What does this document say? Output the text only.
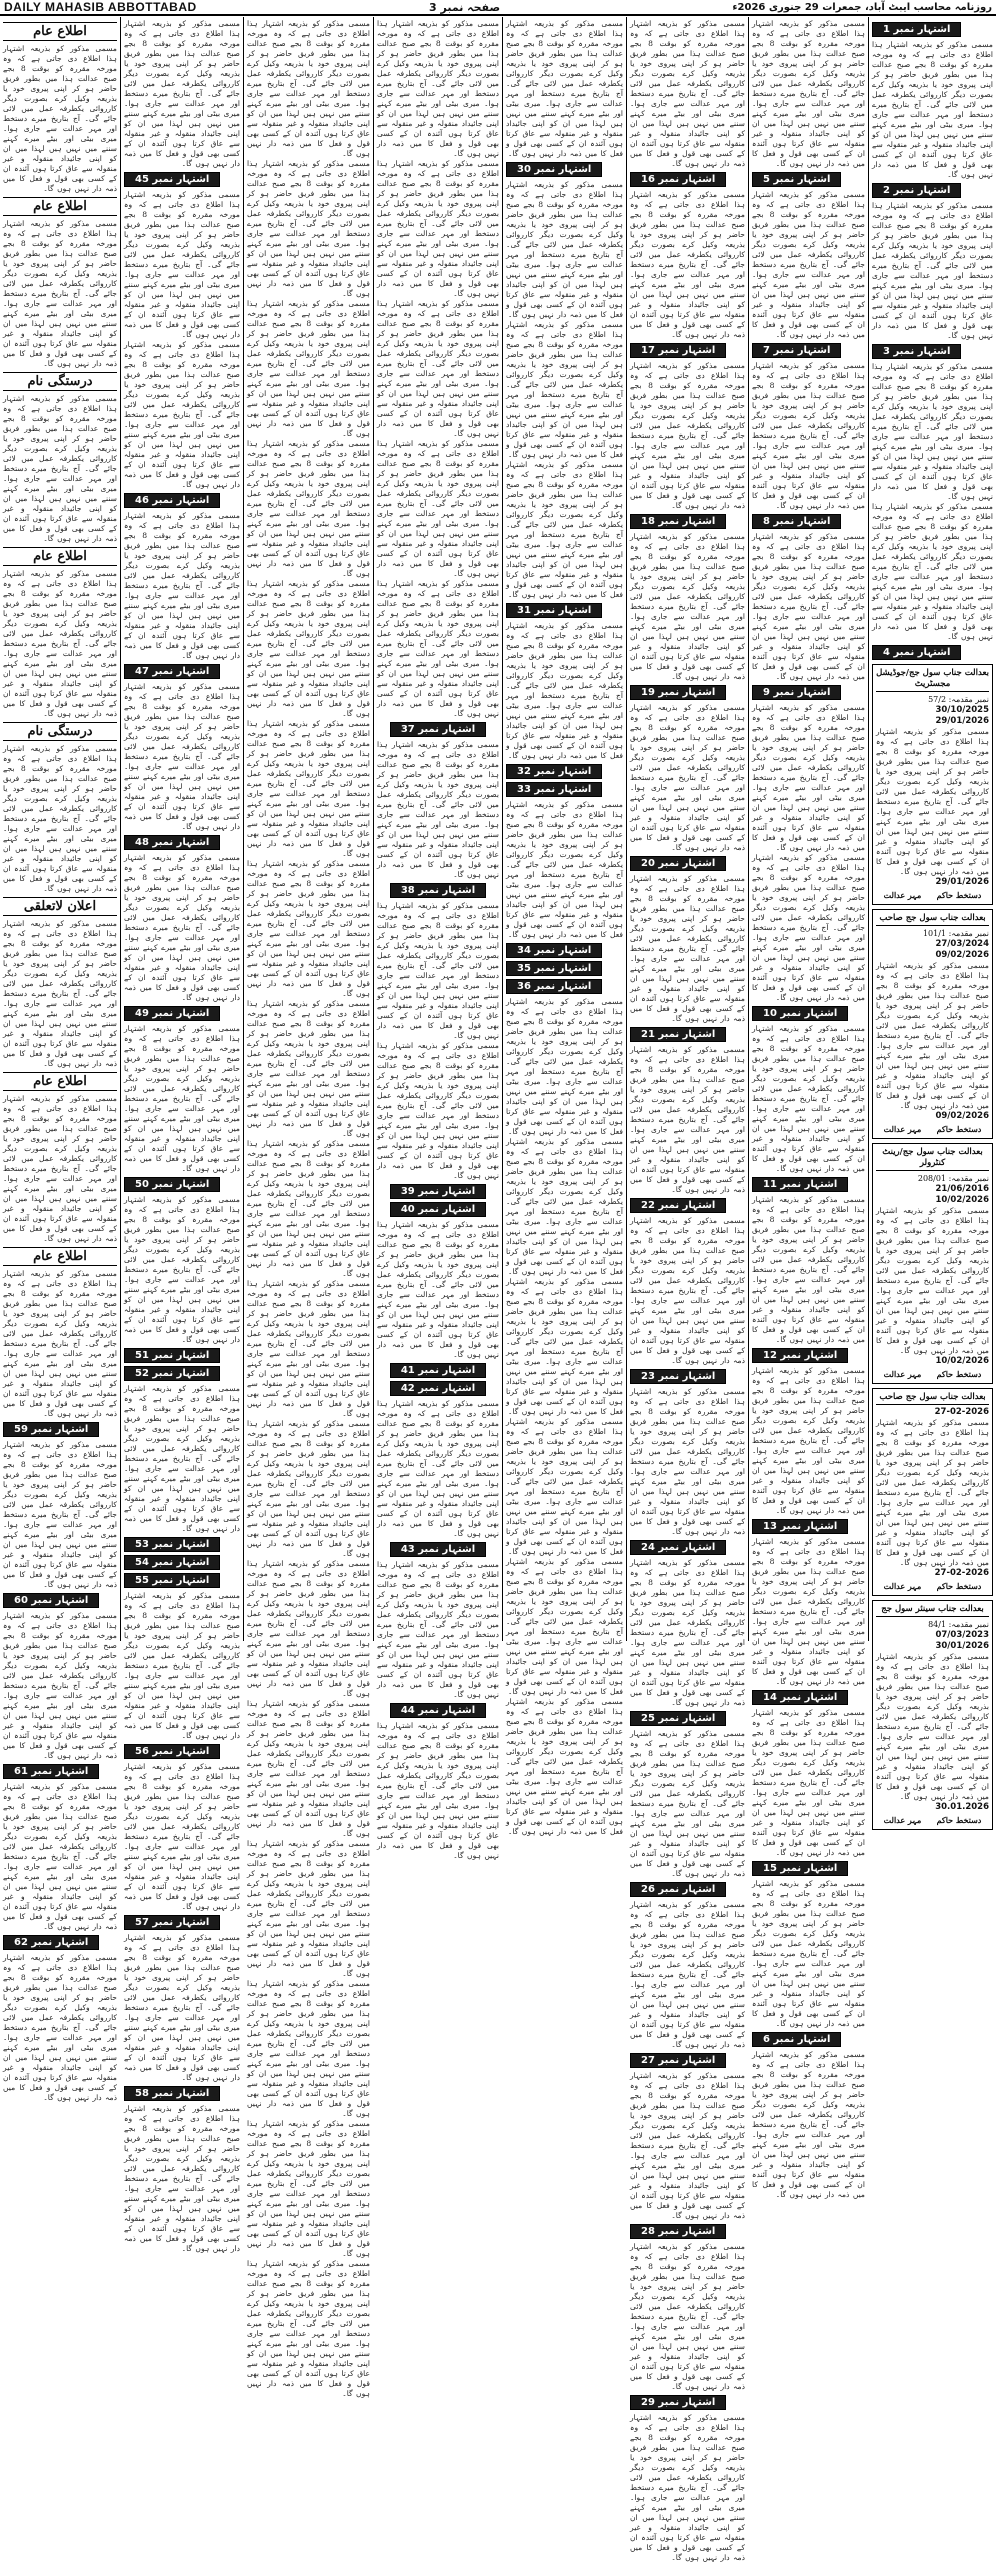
DAILY MAHASIB ABBOTTABAD	صفحہ نمبر 3	روزنامہ محاسب ایبٹ آباد، جمعرات 29 جنوری 2026ء
اشتہار نمبر 1

مسمی مذکور کو بذریعہ اشتہار ہذا اطلاع دی جاتی ہے کہ وہ مورخہ مقررہ کو بوقت 8 بجے صبح عدالت ہذا میں بطور فریق حاضر ہو کر اپنی پیروی خود یا بذریعہ وکیل کرے بصورت دیگر کارروائی یکطرفہ عمل میں لائی جائے گی۔ آج بتاریخ میرے دستخط اور مہر عدالت سے جاری ہوا۔ میری بیٹی اور بیٹے میرے کہنے سننے میں نہیں ہیں لہذا میں ان کو اپنی جائیداد منقولہ و غیر منقولہ سے عاق کرتا ہوں آئندہ ان کے کسی بھی قول و فعل کا میں ذمہ دار نہیں ہوں گا۔

اشتہار نمبر 2

مسمی مذکور کو بذریعہ اشتہار ہذا اطلاع دی جاتی ہے کہ وہ مورخہ مقررہ کو بوقت 8 بجے صبح عدالت ہذا میں بطور فریق حاضر ہو کر اپنی پیروی خود یا بذریعہ وکیل کرے بصورت دیگر کارروائی یکطرفہ عمل میں لائی جائے گی۔ آج بتاریخ میرے دستخط اور مہر عدالت سے جاری ہوا۔ میری بیٹی اور بیٹے میرے کہنے سننے میں نہیں ہیں لہذا میں ان کو اپنی جائیداد منقولہ و غیر منقولہ سے عاق کرتا ہوں آئندہ ان کے کسی بھی قول و فعل کا میں ذمہ دار نہیں ہوں گا۔

اشتہار نمبر 3

مسمی مذکور کو بذریعہ اشتہار ہذا اطلاع دی جاتی ہے کہ وہ مورخہ مقررہ کو بوقت 8 بجے صبح عدالت ہذا میں بطور فریق حاضر ہو کر اپنی پیروی خود یا بذریعہ وکیل کرے بصورت دیگر کارروائی یکطرفہ عمل میں لائی جائے گی۔ آج بتاریخ میرے دستخط اور مہر عدالت سے جاری ہوا۔ میری بیٹی اور بیٹے میرے کہنے سننے میں نہیں ہیں لہذا میں ان کو اپنی جائیداد منقولہ و غیر منقولہ سے عاق کرتا ہوں آئندہ ان کے کسی بھی قول و فعل کا میں ذمہ دار نہیں ہوں گا۔

مسمی مذکور کو بذریعہ اشتہار ہذا اطلاع دی جاتی ہے کہ وہ مورخہ مقررہ کو بوقت 8 بجے صبح عدالت ہذا میں بطور فریق حاضر ہو کر اپنی پیروی خود یا بذریعہ وکیل کرے بصورت دیگر کارروائی یکطرفہ عمل میں لائی جائے گی۔ آج بتاریخ میرے دستخط اور مہر عدالت سے جاری ہوا۔ میری بیٹی اور بیٹے میرے کہنے سننے میں نہیں ہیں لہذا میں ان کو اپنی جائیداد منقولہ و غیر منقولہ سے عاق کرتا ہوں آئندہ ان کے کسی بھی قول و فعل کا میں ذمہ دار نہیں ہوں گا۔

اشتہار نمبر 4
بعدالت جناب سول جج/جوڈیشل مجسٹریٹ
نمبر مقدمہ: 57/2
30/10/2025
29/01/2026

مسمی مذکور کو بذریعہ اشتہار ہذا اطلاع دی جاتی ہے کہ وہ مورخہ مقررہ کو بوقت 8 بجے صبح عدالت ہذا میں بطور فریق حاضر ہو کر اپنی پیروی خود یا بذریعہ وکیل کرے بصورت دیگر کارروائی یکطرفہ عمل میں لائی جائے گی۔ آج بتاریخ میرے دستخط اور مہر عدالت سے جاری ہوا۔ میری بیٹی اور بیٹے میرے کہنے سننے میں نہیں ہیں لہذا میں ان کو اپنی جائیداد منقولہ و غیر منقولہ سے عاق کرتا ہوں آئندہ ان کے کسی بھی قول و فعل کا میں ذمہ دار نہیں ہوں گا۔

29/01/2026
دستخط حاکم
مہر عدالت
بعدالت جناب سول جج صاحب
نمبر مقدمہ: 101/1
27/03/2024
09/02/2026

مسمی مذکور کو بذریعہ اشتہار ہذا اطلاع دی جاتی ہے کہ وہ مورخہ مقررہ کو بوقت 8 بجے صبح عدالت ہذا میں بطور فریق حاضر ہو کر اپنی پیروی خود یا بذریعہ وکیل کرے بصورت دیگر کارروائی یکطرفہ عمل میں لائی جائے گی۔ آج بتاریخ میرے دستخط اور مہر عدالت سے جاری ہوا۔ میری بیٹی اور بیٹے میرے کہنے سننے میں نہیں ہیں لہذا میں ان کو اپنی جائیداد منقولہ و غیر منقولہ سے عاق کرتا ہوں آئندہ ان کے کسی بھی قول و فعل کا میں ذمہ دار نہیں ہوں گا۔

09/02/2026
دستخط حاکم
مہر عدالت
بعدالت جناب سول جج/رینٹ کنٹرولر
نمبر مقدمہ: 208/01
21/06/2016
10/02/2026

مسمی مذکور کو بذریعہ اشتہار ہذا اطلاع دی جاتی ہے کہ وہ مورخہ مقررہ کو بوقت 8 بجے صبح عدالت ہذا میں بطور فریق حاضر ہو کر اپنی پیروی خود یا بذریعہ وکیل کرے بصورت دیگر کارروائی یکطرفہ عمل میں لائی جائے گی۔ آج بتاریخ میرے دستخط اور مہر عدالت سے جاری ہوا۔ میری بیٹی اور بیٹے میرے کہنے سننے میں نہیں ہیں لہذا میں ان کو اپنی جائیداد منقولہ و غیر منقولہ سے عاق کرتا ہوں آئندہ ان کے کسی بھی قول و فعل کا میں ذمہ دار نہیں ہوں گا۔

10/02/2026
دستخط حاکم
مہر عدالت
بعدالت جناب سول جج صاحب
27-02-2026

مسمی مذکور کو بذریعہ اشتہار ہذا اطلاع دی جاتی ہے کہ وہ مورخہ مقررہ کو بوقت 8 بجے صبح عدالت ہذا میں بطور فریق حاضر ہو کر اپنی پیروی خود یا بذریعہ وکیل کرے بصورت دیگر کارروائی یکطرفہ عمل میں لائی جائے گی۔ آج بتاریخ میرے دستخط اور مہر عدالت سے جاری ہوا۔ میری بیٹی اور بیٹے میرے کہنے سننے میں نہیں ہیں لہذا میں ان کو اپنی جائیداد منقولہ و غیر منقولہ سے عاق کرتا ہوں آئندہ ان کے کسی بھی قول و فعل کا میں ذمہ دار نہیں ہوں گا۔

27-02-2026
دستخط حاکم
مہر عدالت
بعدالت جناب سینئر سول جج
نمبر مقدمہ: 84/1
07/03/2023
30/01/2026

مسمی مذکور کو بذریعہ اشتہار ہذا اطلاع دی جاتی ہے کہ وہ مورخہ مقررہ کو بوقت 8 بجے صبح عدالت ہذا میں بطور فریق حاضر ہو کر اپنی پیروی خود یا بذریعہ وکیل کرے بصورت دیگر کارروائی یکطرفہ عمل میں لائی جائے گی۔ آج بتاریخ میرے دستخط اور مہر عدالت سے جاری ہوا۔ میری بیٹی اور بیٹے میرے کہنے سننے میں نہیں ہیں لہذا میں ان کو اپنی جائیداد منقولہ و غیر منقولہ سے عاق کرتا ہوں آئندہ ان کے کسی بھی قول و فعل کا میں ذمہ دار نہیں ہوں گا۔

30.01.2026
دستخط حاکم
مہر عدالت

مسمی مذکور کو بذریعہ اشتہار ہذا اطلاع دی جاتی ہے کہ وہ مورخہ مقررہ کو بوقت 8 بجے صبح عدالت ہذا میں بطور فریق حاضر ہو کر اپنی پیروی خود یا بذریعہ وکیل کرے بصورت دیگر کارروائی یکطرفہ عمل میں لائی جائے گی۔ آج بتاریخ میرے دستخط اور مہر عدالت سے جاری ہوا۔ میری بیٹی اور بیٹے میرے کہنے سننے میں نہیں ہیں لہذا میں ان کو اپنی جائیداد منقولہ و غیر منقولہ سے عاق کرتا ہوں آئندہ ان کے کسی بھی قول و فعل کا میں ذمہ دار نہیں ہوں گا۔

اشتہار نمبر 5

مسمی مذکور کو بذریعہ اشتہار ہذا اطلاع دی جاتی ہے کہ وہ مورخہ مقررہ کو بوقت 8 بجے صبح عدالت ہذا میں بطور فریق حاضر ہو کر اپنی پیروی خود یا بذریعہ وکیل کرے بصورت دیگر کارروائی یکطرفہ عمل میں لائی جائے گی۔ آج بتاریخ میرے دستخط اور مہر عدالت سے جاری ہوا۔ میری بیٹی اور بیٹے میرے کہنے سننے میں نہیں ہیں لہذا میں ان کو اپنی جائیداد منقولہ و غیر منقولہ سے عاق کرتا ہوں آئندہ ان کے کسی بھی قول و فعل کا میں ذمہ دار نہیں ہوں گا۔

اشتہار نمبر 7

مسمی مذکور کو بذریعہ اشتہار ہذا اطلاع دی جاتی ہے کہ وہ مورخہ مقررہ کو بوقت 8 بجے صبح عدالت ہذا میں بطور فریق حاضر ہو کر اپنی پیروی خود یا بذریعہ وکیل کرے بصورت دیگر کارروائی یکطرفہ عمل میں لائی جائے گی۔ آج بتاریخ میرے دستخط اور مہر عدالت سے جاری ہوا۔ میری بیٹی اور بیٹے میرے کہنے سننے میں نہیں ہیں لہذا میں ان کو اپنی جائیداد منقولہ و غیر منقولہ سے عاق کرتا ہوں آئندہ ان کے کسی بھی قول و فعل کا میں ذمہ دار نہیں ہوں گا۔

اشتہار نمبر 8

مسمی مذکور کو بذریعہ اشتہار ہذا اطلاع دی جاتی ہے کہ وہ مورخہ مقررہ کو بوقت 8 بجے صبح عدالت ہذا میں بطور فریق حاضر ہو کر اپنی پیروی خود یا بذریعہ وکیل کرے بصورت دیگر کارروائی یکطرفہ عمل میں لائی جائے گی۔ آج بتاریخ میرے دستخط اور مہر عدالت سے جاری ہوا۔ میری بیٹی اور بیٹے میرے کہنے سننے میں نہیں ہیں لہذا میں ان کو اپنی جائیداد منقولہ و غیر منقولہ سے عاق کرتا ہوں آئندہ ان کے کسی بھی قول و فعل کا میں ذمہ دار نہیں ہوں گا۔

اشتہار نمبر 9

مسمی مذکور کو بذریعہ اشتہار ہذا اطلاع دی جاتی ہے کہ وہ مورخہ مقررہ کو بوقت 8 بجے صبح عدالت ہذا میں بطور فریق حاضر ہو کر اپنی پیروی خود یا بذریعہ وکیل کرے بصورت دیگر کارروائی یکطرفہ عمل میں لائی جائے گی۔ آج بتاریخ میرے دستخط اور مہر عدالت سے جاری ہوا۔ میری بیٹی اور بیٹے میرے کہنے سننے میں نہیں ہیں لہذا میں ان کو اپنی جائیداد منقولہ و غیر منقولہ سے عاق کرتا ہوں آئندہ ان کے کسی بھی قول و فعل کا میں ذمہ دار نہیں ہوں گا۔

مسمی مذکور کو بذریعہ اشتہار ہذا اطلاع دی جاتی ہے کہ وہ مورخہ مقررہ کو بوقت 8 بجے صبح عدالت ہذا میں بطور فریق حاضر ہو کر اپنی پیروی خود یا بذریعہ وکیل کرے بصورت دیگر کارروائی یکطرفہ عمل میں لائی جائے گی۔ آج بتاریخ میرے دستخط اور مہر عدالت سے جاری ہوا۔ میری بیٹی اور بیٹے میرے کہنے سننے میں نہیں ہیں لہذا میں ان کو اپنی جائیداد منقولہ و غیر منقولہ سے عاق کرتا ہوں آئندہ ان کے کسی بھی قول و فعل کا میں ذمہ دار نہیں ہوں گا۔

اشتہار نمبر 10

مسمی مذکور کو بذریعہ اشتہار ہذا اطلاع دی جاتی ہے کہ وہ مورخہ مقررہ کو بوقت 8 بجے صبح عدالت ہذا میں بطور فریق حاضر ہو کر اپنی پیروی خود یا بذریعہ وکیل کرے بصورت دیگر کارروائی یکطرفہ عمل میں لائی جائے گی۔ آج بتاریخ میرے دستخط اور مہر عدالت سے جاری ہوا۔ میری بیٹی اور بیٹے میرے کہنے سننے میں نہیں ہیں لہذا میں ان کو اپنی جائیداد منقولہ و غیر منقولہ سے عاق کرتا ہوں آئندہ ان کے کسی بھی قول و فعل کا میں ذمہ دار نہیں ہوں گا۔

اشتہار نمبر 11

مسمی مذکور کو بذریعہ اشتہار ہذا اطلاع دی جاتی ہے کہ وہ مورخہ مقررہ کو بوقت 8 بجے صبح عدالت ہذا میں بطور فریق حاضر ہو کر اپنی پیروی خود یا بذریعہ وکیل کرے بصورت دیگر کارروائی یکطرفہ عمل میں لائی جائے گی۔ آج بتاریخ میرے دستخط اور مہر عدالت سے جاری ہوا۔ میری بیٹی اور بیٹے میرے کہنے سننے میں نہیں ہیں لہذا میں ان کو اپنی جائیداد منقولہ و غیر منقولہ سے عاق کرتا ہوں آئندہ ان کے کسی بھی قول و فعل کا میں ذمہ دار نہیں ہوں گا۔

اشتہار نمبر 12

مسمی مذکور کو بذریعہ اشتہار ہذا اطلاع دی جاتی ہے کہ وہ مورخہ مقررہ کو بوقت 8 بجے صبح عدالت ہذا میں بطور فریق حاضر ہو کر اپنی پیروی خود یا بذریعہ وکیل کرے بصورت دیگر کارروائی یکطرفہ عمل میں لائی جائے گی۔ آج بتاریخ میرے دستخط اور مہر عدالت سے جاری ہوا۔ میری بیٹی اور بیٹے میرے کہنے سننے میں نہیں ہیں لہذا میں ان کو اپنی جائیداد منقولہ و غیر منقولہ سے عاق کرتا ہوں آئندہ ان کے کسی بھی قول و فعل کا میں ذمہ دار نہیں ہوں گا۔

اشتہار نمبر 13

مسمی مذکور کو بذریعہ اشتہار ہذا اطلاع دی جاتی ہے کہ وہ مورخہ مقررہ کو بوقت 8 بجے صبح عدالت ہذا میں بطور فریق حاضر ہو کر اپنی پیروی خود یا بذریعہ وکیل کرے بصورت دیگر کارروائی یکطرفہ عمل میں لائی جائے گی۔ آج بتاریخ میرے دستخط اور مہر عدالت سے جاری ہوا۔ میری بیٹی اور بیٹے میرے کہنے سننے میں نہیں ہیں لہذا میں ان کو اپنی جائیداد منقولہ و غیر منقولہ سے عاق کرتا ہوں آئندہ ان کے کسی بھی قول و فعل کا میں ذمہ دار نہیں ہوں گا۔

اشتہار نمبر 14

مسمی مذکور کو بذریعہ اشتہار ہذا اطلاع دی جاتی ہے کہ وہ مورخہ مقررہ کو بوقت 8 بجے صبح عدالت ہذا میں بطور فریق حاضر ہو کر اپنی پیروی خود یا بذریعہ وکیل کرے بصورت دیگر کارروائی یکطرفہ عمل میں لائی جائے گی۔ آج بتاریخ میرے دستخط اور مہر عدالت سے جاری ہوا۔ میری بیٹی اور بیٹے میرے کہنے سننے میں نہیں ہیں لہذا میں ان کو اپنی جائیداد منقولہ و غیر منقولہ سے عاق کرتا ہوں آئندہ ان کے کسی بھی قول و فعل کا میں ذمہ دار نہیں ہوں گا۔

اشتہار نمبر 15

مسمی مذکور کو بذریعہ اشتہار ہذا اطلاع دی جاتی ہے کہ وہ مورخہ مقررہ کو بوقت 8 بجے صبح عدالت ہذا میں بطور فریق حاضر ہو کر اپنی پیروی خود یا بذریعہ وکیل کرے بصورت دیگر کارروائی یکطرفہ عمل میں لائی جائے گی۔ آج بتاریخ میرے دستخط اور مہر عدالت سے جاری ہوا۔ میری بیٹی اور بیٹے میرے کہنے سننے میں نہیں ہیں لہذا میں ان کو اپنی جائیداد منقولہ و غیر منقولہ سے عاق کرتا ہوں آئندہ ان کے کسی بھی قول و فعل کا میں ذمہ دار نہیں ہوں گا۔

اشتہار نمبر 6

مسمی مذکور کو بذریعہ اشتہار ہذا اطلاع دی جاتی ہے کہ وہ مورخہ مقررہ کو بوقت 8 بجے صبح عدالت ہذا میں بطور فریق حاضر ہو کر اپنی پیروی خود یا بذریعہ وکیل کرے بصورت دیگر کارروائی یکطرفہ عمل میں لائی جائے گی۔ آج بتاریخ میرے دستخط اور مہر عدالت سے جاری ہوا۔ میری بیٹی اور بیٹے میرے کہنے سننے میں نہیں ہیں لہذا میں ان کو اپنی جائیداد منقولہ و غیر منقولہ سے عاق کرتا ہوں آئندہ ان کے کسی بھی قول و فعل کا میں ذمہ دار نہیں ہوں گا۔

مسمی مذکور کو بذریعہ اشتہار ہذا اطلاع دی جاتی ہے کہ وہ مورخہ مقررہ کو بوقت 8 بجے صبح عدالت ہذا میں بطور فریق حاضر ہو کر اپنی پیروی خود یا بذریعہ وکیل کرے بصورت دیگر کارروائی یکطرفہ عمل میں لائی جائے گی۔ آج بتاریخ میرے دستخط اور مہر عدالت سے جاری ہوا۔ میری بیٹی اور بیٹے میرے کہنے سننے میں نہیں ہیں لہذا میں ان کو اپنی جائیداد منقولہ و غیر منقولہ سے عاق کرتا ہوں آئندہ ان کے کسی بھی قول و فعل کا میں ذمہ دار نہیں ہوں گا۔

اشتہار نمبر 16

مسمی مذکور کو بذریعہ اشتہار ہذا اطلاع دی جاتی ہے کہ وہ مورخہ مقررہ کو بوقت 8 بجے صبح عدالت ہذا میں بطور فریق حاضر ہو کر اپنی پیروی خود یا بذریعہ وکیل کرے بصورت دیگر کارروائی یکطرفہ عمل میں لائی جائے گی۔ آج بتاریخ میرے دستخط اور مہر عدالت سے جاری ہوا۔ میری بیٹی اور بیٹے میرے کہنے سننے میں نہیں ہیں لہذا میں ان کو اپنی جائیداد منقولہ و غیر منقولہ سے عاق کرتا ہوں آئندہ ان کے کسی بھی قول و فعل کا میں ذمہ دار نہیں ہوں گا۔

اشتہار نمبر 17

مسمی مذکور کو بذریعہ اشتہار ہذا اطلاع دی جاتی ہے کہ وہ مورخہ مقررہ کو بوقت 8 بجے صبح عدالت ہذا میں بطور فریق حاضر ہو کر اپنی پیروی خود یا بذریعہ وکیل کرے بصورت دیگر کارروائی یکطرفہ عمل میں لائی جائے گی۔ آج بتاریخ میرے دستخط اور مہر عدالت سے جاری ہوا۔ میری بیٹی اور بیٹے میرے کہنے سننے میں نہیں ہیں لہذا میں ان کو اپنی جائیداد منقولہ و غیر منقولہ سے عاق کرتا ہوں آئندہ ان کے کسی بھی قول و فعل کا میں ذمہ دار نہیں ہوں گا۔

اشتہار نمبر 18

مسمی مذکور کو بذریعہ اشتہار ہذا اطلاع دی جاتی ہے کہ وہ مورخہ مقررہ کو بوقت 8 بجے صبح عدالت ہذا میں بطور فریق حاضر ہو کر اپنی پیروی خود یا بذریعہ وکیل کرے بصورت دیگر کارروائی یکطرفہ عمل میں لائی جائے گی۔ آج بتاریخ میرے دستخط اور مہر عدالت سے جاری ہوا۔ میری بیٹی اور بیٹے میرے کہنے سننے میں نہیں ہیں لہذا میں ان کو اپنی جائیداد منقولہ و غیر منقولہ سے عاق کرتا ہوں آئندہ ان کے کسی بھی قول و فعل کا میں ذمہ دار نہیں ہوں گا۔

اشتہار نمبر 19

مسمی مذکور کو بذریعہ اشتہار ہذا اطلاع دی جاتی ہے کہ وہ مورخہ مقررہ کو بوقت 8 بجے صبح عدالت ہذا میں بطور فریق حاضر ہو کر اپنی پیروی خود یا بذریعہ وکیل کرے بصورت دیگر کارروائی یکطرفہ عمل میں لائی جائے گی۔ آج بتاریخ میرے دستخط اور مہر عدالت سے جاری ہوا۔ میری بیٹی اور بیٹے میرے کہنے سننے میں نہیں ہیں لہذا میں ان کو اپنی جائیداد منقولہ و غیر منقولہ سے عاق کرتا ہوں آئندہ ان کے کسی بھی قول و فعل کا میں ذمہ دار نہیں ہوں گا۔

اشتہار نمبر 20

مسمی مذکور کو بذریعہ اشتہار ہذا اطلاع دی جاتی ہے کہ وہ مورخہ مقررہ کو بوقت 8 بجے صبح عدالت ہذا میں بطور فریق حاضر ہو کر اپنی پیروی خود یا بذریعہ وکیل کرے بصورت دیگر کارروائی یکطرفہ عمل میں لائی جائے گی۔ آج بتاریخ میرے دستخط اور مہر عدالت سے جاری ہوا۔ میری بیٹی اور بیٹے میرے کہنے سننے میں نہیں ہیں لہذا میں ان کو اپنی جائیداد منقولہ و غیر منقولہ سے عاق کرتا ہوں آئندہ ان کے کسی بھی قول و فعل کا میں ذمہ دار نہیں ہوں گا۔

اشتہار نمبر 21

مسمی مذکور کو بذریعہ اشتہار ہذا اطلاع دی جاتی ہے کہ وہ مورخہ مقررہ کو بوقت 8 بجے صبح عدالت ہذا میں بطور فریق حاضر ہو کر اپنی پیروی خود یا بذریعہ وکیل کرے بصورت دیگر کارروائی یکطرفہ عمل میں لائی جائے گی۔ آج بتاریخ میرے دستخط اور مہر عدالت سے جاری ہوا۔ میری بیٹی اور بیٹے میرے کہنے سننے میں نہیں ہیں لہذا میں ان کو اپنی جائیداد منقولہ و غیر منقولہ سے عاق کرتا ہوں آئندہ ان کے کسی بھی قول و فعل کا میں ذمہ دار نہیں ہوں گا۔

اشتہار نمبر 22

مسمی مذکور کو بذریعہ اشتہار ہذا اطلاع دی جاتی ہے کہ وہ مورخہ مقررہ کو بوقت 8 بجے صبح عدالت ہذا میں بطور فریق حاضر ہو کر اپنی پیروی خود یا بذریعہ وکیل کرے بصورت دیگر کارروائی یکطرفہ عمل میں لائی جائے گی۔ آج بتاریخ میرے دستخط اور مہر عدالت سے جاری ہوا۔ میری بیٹی اور بیٹے میرے کہنے سننے میں نہیں ہیں لہذا میں ان کو اپنی جائیداد منقولہ و غیر منقولہ سے عاق کرتا ہوں آئندہ ان کے کسی بھی قول و فعل کا میں ذمہ دار نہیں ہوں گا۔

اشتہار نمبر 23

مسمی مذکور کو بذریعہ اشتہار ہذا اطلاع دی جاتی ہے کہ وہ مورخہ مقررہ کو بوقت 8 بجے صبح عدالت ہذا میں بطور فریق حاضر ہو کر اپنی پیروی خود یا بذریعہ وکیل کرے بصورت دیگر کارروائی یکطرفہ عمل میں لائی جائے گی۔ آج بتاریخ میرے دستخط اور مہر عدالت سے جاری ہوا۔ میری بیٹی اور بیٹے میرے کہنے سننے میں نہیں ہیں لہذا میں ان کو اپنی جائیداد منقولہ و غیر منقولہ سے عاق کرتا ہوں آئندہ ان کے کسی بھی قول و فعل کا میں ذمہ دار نہیں ہوں گا۔

اشتہار نمبر 24

مسمی مذکور کو بذریعہ اشتہار ہذا اطلاع دی جاتی ہے کہ وہ مورخہ مقررہ کو بوقت 8 بجے صبح عدالت ہذا میں بطور فریق حاضر ہو کر اپنی پیروی خود یا بذریعہ وکیل کرے بصورت دیگر کارروائی یکطرفہ عمل میں لائی جائے گی۔ آج بتاریخ میرے دستخط اور مہر عدالت سے جاری ہوا۔ میری بیٹی اور بیٹے میرے کہنے سننے میں نہیں ہیں لہذا میں ان کو اپنی جائیداد منقولہ و غیر منقولہ سے عاق کرتا ہوں آئندہ ان کے کسی بھی قول و فعل کا میں ذمہ دار نہیں ہوں گا۔

اشتہار نمبر 25

مسمی مذکور کو بذریعہ اشتہار ہذا اطلاع دی جاتی ہے کہ وہ مورخہ مقررہ کو بوقت 8 بجے صبح عدالت ہذا میں بطور فریق حاضر ہو کر اپنی پیروی خود یا بذریعہ وکیل کرے بصورت دیگر کارروائی یکطرفہ عمل میں لائی جائے گی۔ آج بتاریخ میرے دستخط اور مہر عدالت سے جاری ہوا۔ میری بیٹی اور بیٹے میرے کہنے سننے میں نہیں ہیں لہذا میں ان کو اپنی جائیداد منقولہ و غیر منقولہ سے عاق کرتا ہوں آئندہ ان کے کسی بھی قول و فعل کا میں ذمہ دار نہیں ہوں گا۔

اشتہار نمبر 26

مسمی مذکور کو بذریعہ اشتہار ہذا اطلاع دی جاتی ہے کہ وہ مورخہ مقررہ کو بوقت 8 بجے صبح عدالت ہذا میں بطور فریق حاضر ہو کر اپنی پیروی خود یا بذریعہ وکیل کرے بصورت دیگر کارروائی یکطرفہ عمل میں لائی جائے گی۔ آج بتاریخ میرے دستخط اور مہر عدالت سے جاری ہوا۔ میری بیٹی اور بیٹے میرے کہنے سننے میں نہیں ہیں لہذا میں ان کو اپنی جائیداد منقولہ و غیر منقولہ سے عاق کرتا ہوں آئندہ ان کے کسی بھی قول و فعل کا میں ذمہ دار نہیں ہوں گا۔

اشتہار نمبر 27

مسمی مذکور کو بذریعہ اشتہار ہذا اطلاع دی جاتی ہے کہ وہ مورخہ مقررہ کو بوقت 8 بجے صبح عدالت ہذا میں بطور فریق حاضر ہو کر اپنی پیروی خود یا بذریعہ وکیل کرے بصورت دیگر کارروائی یکطرفہ عمل میں لائی جائے گی۔ آج بتاریخ میرے دستخط اور مہر عدالت سے جاری ہوا۔ میری بیٹی اور بیٹے میرے کہنے سننے میں نہیں ہیں لہذا میں ان کو اپنی جائیداد منقولہ و غیر منقولہ سے عاق کرتا ہوں آئندہ ان کے کسی بھی قول و فعل کا میں ذمہ دار نہیں ہوں گا۔

اشتہار نمبر 28

مسمی مذکور کو بذریعہ اشتہار ہذا اطلاع دی جاتی ہے کہ وہ مورخہ مقررہ کو بوقت 8 بجے صبح عدالت ہذا میں بطور فریق حاضر ہو کر اپنی پیروی خود یا بذریعہ وکیل کرے بصورت دیگر کارروائی یکطرفہ عمل میں لائی جائے گی۔ آج بتاریخ میرے دستخط اور مہر عدالت سے جاری ہوا۔ میری بیٹی اور بیٹے میرے کہنے سننے میں نہیں ہیں لہذا میں ان کو اپنی جائیداد منقولہ و غیر منقولہ سے عاق کرتا ہوں آئندہ ان کے کسی بھی قول و فعل کا میں ذمہ دار نہیں ہوں گا۔

اشتہار نمبر 29

مسمی مذکور کو بذریعہ اشتہار ہذا اطلاع دی جاتی ہے کہ وہ مورخہ مقررہ کو بوقت 8 بجے صبح عدالت ہذا میں بطور فریق حاضر ہو کر اپنی پیروی خود یا بذریعہ وکیل کرے بصورت دیگر کارروائی یکطرفہ عمل میں لائی جائے گی۔ آج بتاریخ میرے دستخط اور مہر عدالت سے جاری ہوا۔ میری بیٹی اور بیٹے میرے کہنے سننے میں نہیں ہیں لہذا میں ان کو اپنی جائیداد منقولہ و غیر منقولہ سے عاق کرتا ہوں آئندہ ان کے کسی بھی قول و فعل کا میں ذمہ دار نہیں ہوں گا۔

مسمی مذکور کو بذریعہ اشتہار ہذا اطلاع دی جاتی ہے کہ وہ مورخہ مقررہ کو بوقت 8 بجے صبح عدالت ہذا میں بطور فریق حاضر ہو کر اپنی پیروی خود یا بذریعہ وکیل کرے بصورت دیگر کارروائی یکطرفہ عمل میں لائی جائے گی۔ آج بتاریخ میرے دستخط اور مہر عدالت سے جاری ہوا۔ میری بیٹی اور بیٹے میرے کہنے سننے میں نہیں ہیں لہذا میں ان کو اپنی جائیداد منقولہ و غیر منقولہ سے عاق کرتا ہوں آئندہ ان کے کسی بھی قول و فعل کا میں ذمہ دار نہیں ہوں گا۔

اشتہار نمبر 30

مسمی مذکور کو بذریعہ اشتہار ہذا اطلاع دی جاتی ہے کہ وہ مورخہ مقررہ کو بوقت 8 بجے صبح عدالت ہذا میں بطور فریق حاضر ہو کر اپنی پیروی خود یا بذریعہ وکیل کرے بصورت دیگر کارروائی یکطرفہ عمل میں لائی جائے گی۔ آج بتاریخ میرے دستخط اور مہر عدالت سے جاری ہوا۔ میری بیٹی اور بیٹے میرے کہنے سننے میں نہیں ہیں لہذا میں ان کو اپنی جائیداد منقولہ و غیر منقولہ سے عاق کرتا ہوں آئندہ ان کے کسی بھی قول و فعل کا میں ذمہ دار نہیں ہوں گا۔

مسمی مذکور کو بذریعہ اشتہار ہذا اطلاع دی جاتی ہے کہ وہ مورخہ مقررہ کو بوقت 8 بجے صبح عدالت ہذا میں بطور فریق حاضر ہو کر اپنی پیروی خود یا بذریعہ وکیل کرے بصورت دیگر کارروائی یکطرفہ عمل میں لائی جائے گی۔ آج بتاریخ میرے دستخط اور مہر عدالت سے جاری ہوا۔ میری بیٹی اور بیٹے میرے کہنے سننے میں نہیں ہیں لہذا میں ان کو اپنی جائیداد منقولہ و غیر منقولہ سے عاق کرتا ہوں آئندہ ان کے کسی بھی قول و فعل کا میں ذمہ دار نہیں ہوں گا۔

مسمی مذکور کو بذریعہ اشتہار ہذا اطلاع دی جاتی ہے کہ وہ مورخہ مقررہ کو بوقت 8 بجے صبح عدالت ہذا میں بطور فریق حاضر ہو کر اپنی پیروی خود یا بذریعہ وکیل کرے بصورت دیگر کارروائی یکطرفہ عمل میں لائی جائے گی۔ آج بتاریخ میرے دستخط اور مہر عدالت سے جاری ہوا۔ میری بیٹی اور بیٹے میرے کہنے سننے میں نہیں ہیں لہذا میں ان کو اپنی جائیداد منقولہ و غیر منقولہ سے عاق کرتا ہوں آئندہ ان کے کسی بھی قول و فعل کا میں ذمہ دار نہیں ہوں گا۔

اشتہار نمبر 31

مسمی مذکور کو بذریعہ اشتہار ہذا اطلاع دی جاتی ہے کہ وہ مورخہ مقررہ کو بوقت 8 بجے صبح عدالت ہذا میں بطور فریق حاضر ہو کر اپنی پیروی خود یا بذریعہ وکیل کرے بصورت دیگر کارروائی یکطرفہ عمل میں لائی جائے گی۔ آج بتاریخ میرے دستخط اور مہر عدالت سے جاری ہوا۔ میری بیٹی اور بیٹے میرے کہنے سننے میں نہیں ہیں لہذا میں ان کو اپنی جائیداد منقولہ و غیر منقولہ سے عاق کرتا ہوں آئندہ ان کے کسی بھی قول و فعل کا میں ذمہ دار نہیں ہوں گا۔

اشتہار نمبر 32
اشتہار نمبر 33

مسمی مذکور کو بذریعہ اشتہار ہذا اطلاع دی جاتی ہے کہ وہ مورخہ مقررہ کو بوقت 8 بجے صبح عدالت ہذا میں بطور فریق حاضر ہو کر اپنی پیروی خود یا بذریعہ وکیل کرے بصورت دیگر کارروائی یکطرفہ عمل میں لائی جائے گی۔ آج بتاریخ میرے دستخط اور مہر عدالت سے جاری ہوا۔ میری بیٹی اور بیٹے میرے کہنے سننے میں نہیں ہیں لہذا میں ان کو اپنی جائیداد منقولہ و غیر منقولہ سے عاق کرتا ہوں آئندہ ان کے کسی بھی قول و فعل کا میں ذمہ دار نہیں ہوں گا۔

اشتہار نمبر 34
اشتہار نمبر 35
اشتہار نمبر 36

مسمی مذکور کو بذریعہ اشتہار ہذا اطلاع دی جاتی ہے کہ وہ مورخہ مقررہ کو بوقت 8 بجے صبح عدالت ہذا میں بطور فریق حاضر ہو کر اپنی پیروی خود یا بذریعہ وکیل کرے بصورت دیگر کارروائی یکطرفہ عمل میں لائی جائے گی۔ آج بتاریخ میرے دستخط اور مہر عدالت سے جاری ہوا۔ میری بیٹی اور بیٹے میرے کہنے سننے میں نہیں ہیں لہذا میں ان کو اپنی جائیداد منقولہ و غیر منقولہ سے عاق کرتا ہوں آئندہ ان کے کسی بھی قول و فعل کا میں ذمہ دار نہیں ہوں گا۔

مسمی مذکور کو بذریعہ اشتہار ہذا اطلاع دی جاتی ہے کہ وہ مورخہ مقررہ کو بوقت 8 بجے صبح عدالت ہذا میں بطور فریق حاضر ہو کر اپنی پیروی خود یا بذریعہ وکیل کرے بصورت دیگر کارروائی یکطرفہ عمل میں لائی جائے گی۔ آج بتاریخ میرے دستخط اور مہر عدالت سے جاری ہوا۔ میری بیٹی اور بیٹے میرے کہنے سننے میں نہیں ہیں لہذا میں ان کو اپنی جائیداد منقولہ و غیر منقولہ سے عاق کرتا ہوں آئندہ ان کے کسی بھی قول و فعل کا میں ذمہ دار نہیں ہوں گا۔

مسمی مذکور کو بذریعہ اشتہار ہذا اطلاع دی جاتی ہے کہ وہ مورخہ مقررہ کو بوقت 8 بجے صبح عدالت ہذا میں بطور فریق حاضر ہو کر اپنی پیروی خود یا بذریعہ وکیل کرے بصورت دیگر کارروائی یکطرفہ عمل میں لائی جائے گی۔ آج بتاریخ میرے دستخط اور مہر عدالت سے جاری ہوا۔ میری بیٹی اور بیٹے میرے کہنے سننے میں نہیں ہیں لہذا میں ان کو اپنی جائیداد منقولہ و غیر منقولہ سے عاق کرتا ہوں آئندہ ان کے کسی بھی قول و فعل کا میں ذمہ دار نہیں ہوں گا۔

مسمی مذکور کو بذریعہ اشتہار ہذا اطلاع دی جاتی ہے کہ وہ مورخہ مقررہ کو بوقت 8 بجے صبح عدالت ہذا میں بطور فریق حاضر ہو کر اپنی پیروی خود یا بذریعہ وکیل کرے بصورت دیگر کارروائی یکطرفہ عمل میں لائی جائے گی۔ آج بتاریخ میرے دستخط اور مہر عدالت سے جاری ہوا۔ میری بیٹی اور بیٹے میرے کہنے سننے میں نہیں ہیں لہذا میں ان کو اپنی جائیداد منقولہ و غیر منقولہ سے عاق کرتا ہوں آئندہ ان کے کسی بھی قول و فعل کا میں ذمہ دار نہیں ہوں گا۔

مسمی مذکور کو بذریعہ اشتہار ہذا اطلاع دی جاتی ہے کہ وہ مورخہ مقررہ کو بوقت 8 بجے صبح عدالت ہذا میں بطور فریق حاضر ہو کر اپنی پیروی خود یا بذریعہ وکیل کرے بصورت دیگر کارروائی یکطرفہ عمل میں لائی جائے گی۔ آج بتاریخ میرے دستخط اور مہر عدالت سے جاری ہوا۔ میری بیٹی اور بیٹے میرے کہنے سننے میں نہیں ہیں لہذا میں ان کو اپنی جائیداد منقولہ و غیر منقولہ سے عاق کرتا ہوں آئندہ ان کے کسی بھی قول و فعل کا میں ذمہ دار نہیں ہوں گا۔

مسمی مذکور کو بذریعہ اشتہار ہذا اطلاع دی جاتی ہے کہ وہ مورخہ مقررہ کو بوقت 8 بجے صبح عدالت ہذا میں بطور فریق حاضر ہو کر اپنی پیروی خود یا بذریعہ وکیل کرے بصورت دیگر کارروائی یکطرفہ عمل میں لائی جائے گی۔ آج بتاریخ میرے دستخط اور مہر عدالت سے جاری ہوا۔ میری بیٹی اور بیٹے میرے کہنے سننے میں نہیں ہیں لہذا میں ان کو اپنی جائیداد منقولہ و غیر منقولہ سے عاق کرتا ہوں آئندہ ان کے کسی بھی قول و فعل کا میں ذمہ دار نہیں ہوں گا۔

مسمی مذکور کو بذریعہ اشتہار ہذا اطلاع دی جاتی ہے کہ وہ مورخہ مقررہ کو بوقت 8 بجے صبح عدالت ہذا میں بطور فریق حاضر ہو کر اپنی پیروی خود یا بذریعہ وکیل کرے بصورت دیگر کارروائی یکطرفہ عمل میں لائی جائے گی۔ آج بتاریخ میرے دستخط اور مہر عدالت سے جاری ہوا۔ میری بیٹی اور بیٹے میرے کہنے سننے میں نہیں ہیں لہذا میں ان کو اپنی جائیداد منقولہ و غیر منقولہ سے عاق کرتا ہوں آئندہ ان کے کسی بھی قول و فعل کا میں ذمہ دار نہیں ہوں گا۔

مسمی مذکور کو بذریعہ اشتہار ہذا اطلاع دی جاتی ہے کہ وہ مورخہ مقررہ کو بوقت 8 بجے صبح عدالت ہذا میں بطور فریق حاضر ہو کر اپنی پیروی خود یا بذریعہ وکیل کرے بصورت دیگر کارروائی یکطرفہ عمل میں لائی جائے گی۔ آج بتاریخ میرے دستخط اور مہر عدالت سے جاری ہوا۔ میری بیٹی اور بیٹے میرے کہنے سننے میں نہیں ہیں لہذا میں ان کو اپنی جائیداد منقولہ و غیر منقولہ سے عاق کرتا ہوں آئندہ ان کے کسی بھی قول و فعل کا میں ذمہ دار نہیں ہوں گا۔

مسمی مذکور کو بذریعہ اشتہار ہذا اطلاع دی جاتی ہے کہ وہ مورخہ مقررہ کو بوقت 8 بجے صبح عدالت ہذا میں بطور فریق حاضر ہو کر اپنی پیروی خود یا بذریعہ وکیل کرے بصورت دیگر کارروائی یکطرفہ عمل میں لائی جائے گی۔ آج بتاریخ میرے دستخط اور مہر عدالت سے جاری ہوا۔ میری بیٹی اور بیٹے میرے کہنے سننے میں نہیں ہیں لہذا میں ان کو اپنی جائیداد منقولہ و غیر منقولہ سے عاق کرتا ہوں آئندہ ان کے کسی بھی قول و فعل کا میں ذمہ دار نہیں ہوں گا۔

مسمی مذکور کو بذریعہ اشتہار ہذا اطلاع دی جاتی ہے کہ وہ مورخہ مقررہ کو بوقت 8 بجے صبح عدالت ہذا میں بطور فریق حاضر ہو کر اپنی پیروی خود یا بذریعہ وکیل کرے بصورت دیگر کارروائی یکطرفہ عمل میں لائی جائے گی۔ آج بتاریخ میرے دستخط اور مہر عدالت سے جاری ہوا۔ میری بیٹی اور بیٹے میرے کہنے سننے میں نہیں ہیں لہذا میں ان کو اپنی جائیداد منقولہ و غیر منقولہ سے عاق کرتا ہوں آئندہ ان کے کسی بھی قول و فعل کا میں ذمہ دار نہیں ہوں گا۔

مسمی مذکور کو بذریعہ اشتہار ہذا اطلاع دی جاتی ہے کہ وہ مورخہ مقررہ کو بوقت 8 بجے صبح عدالت ہذا میں بطور فریق حاضر ہو کر اپنی پیروی خود یا بذریعہ وکیل کرے بصورت دیگر کارروائی یکطرفہ عمل میں لائی جائے گی۔ آج بتاریخ میرے دستخط اور مہر عدالت سے جاری ہوا۔ میری بیٹی اور بیٹے میرے کہنے سننے میں نہیں ہیں لہذا میں ان کو اپنی جائیداد منقولہ و غیر منقولہ سے عاق کرتا ہوں آئندہ ان کے کسی بھی قول و فعل کا میں ذمہ دار نہیں ہوں گا۔

اشتہار نمبر 37

مسمی مذکور کو بذریعہ اشتہار ہذا اطلاع دی جاتی ہے کہ وہ مورخہ مقررہ کو بوقت 8 بجے صبح عدالت ہذا میں بطور فریق حاضر ہو کر اپنی پیروی خود یا بذریعہ وکیل کرے بصورت دیگر کارروائی یکطرفہ عمل میں لائی جائے گی۔ آج بتاریخ میرے دستخط اور مہر عدالت سے جاری ہوا۔ میری بیٹی اور بیٹے میرے کہنے سننے میں نہیں ہیں لہذا میں ان کو اپنی جائیداد منقولہ و غیر منقولہ سے عاق کرتا ہوں آئندہ ان کے کسی بھی قول و فعل کا میں ذمہ دار نہیں ہوں گا۔

اشتہار نمبر 38

مسمی مذکور کو بذریعہ اشتہار ہذا اطلاع دی جاتی ہے کہ وہ مورخہ مقررہ کو بوقت 8 بجے صبح عدالت ہذا میں بطور فریق حاضر ہو کر اپنی پیروی خود یا بذریعہ وکیل کرے بصورت دیگر کارروائی یکطرفہ عمل میں لائی جائے گی۔ آج بتاریخ میرے دستخط اور مہر عدالت سے جاری ہوا۔ میری بیٹی اور بیٹے میرے کہنے سننے میں نہیں ہیں لہذا میں ان کو اپنی جائیداد منقولہ و غیر منقولہ سے عاق کرتا ہوں آئندہ ان کے کسی بھی قول و فعل کا میں ذمہ دار نہیں ہوں گا۔

مسمی مذکور کو بذریعہ اشتہار ہذا اطلاع دی جاتی ہے کہ وہ مورخہ مقررہ کو بوقت 8 بجے صبح عدالت ہذا میں بطور فریق حاضر ہو کر اپنی پیروی خود یا بذریعہ وکیل کرے بصورت دیگر کارروائی یکطرفہ عمل میں لائی جائے گی۔ آج بتاریخ میرے دستخط اور مہر عدالت سے جاری ہوا۔ میری بیٹی اور بیٹے میرے کہنے سننے میں نہیں ہیں لہذا میں ان کو اپنی جائیداد منقولہ و غیر منقولہ سے عاق کرتا ہوں آئندہ ان کے کسی بھی قول و فعل کا میں ذمہ دار نہیں ہوں گا۔

اشتہار نمبر 39
اشتہار نمبر 40

مسمی مذکور کو بذریعہ اشتہار ہذا اطلاع دی جاتی ہے کہ وہ مورخہ مقررہ کو بوقت 8 بجے صبح عدالت ہذا میں بطور فریق حاضر ہو کر اپنی پیروی خود یا بذریعہ وکیل کرے بصورت دیگر کارروائی یکطرفہ عمل میں لائی جائے گی۔ آج بتاریخ میرے دستخط اور مہر عدالت سے جاری ہوا۔ میری بیٹی اور بیٹے میرے کہنے سننے میں نہیں ہیں لہذا میں ان کو اپنی جائیداد منقولہ و غیر منقولہ سے عاق کرتا ہوں آئندہ ان کے کسی بھی قول و فعل کا میں ذمہ دار نہیں ہوں گا۔

اشتہار نمبر 41
اشتہار نمبر 42

مسمی مذکور کو بذریعہ اشتہار ہذا اطلاع دی جاتی ہے کہ وہ مورخہ مقررہ کو بوقت 8 بجے صبح عدالت ہذا میں بطور فریق حاضر ہو کر اپنی پیروی خود یا بذریعہ وکیل کرے بصورت دیگر کارروائی یکطرفہ عمل میں لائی جائے گی۔ آج بتاریخ میرے دستخط اور مہر عدالت سے جاری ہوا۔ میری بیٹی اور بیٹے میرے کہنے سننے میں نہیں ہیں لہذا میں ان کو اپنی جائیداد منقولہ و غیر منقولہ سے عاق کرتا ہوں آئندہ ان کے کسی بھی قول و فعل کا میں ذمہ دار نہیں ہوں گا۔

اشتہار نمبر 43

مسمی مذکور کو بذریعہ اشتہار ہذا اطلاع دی جاتی ہے کہ وہ مورخہ مقررہ کو بوقت 8 بجے صبح عدالت ہذا میں بطور فریق حاضر ہو کر اپنی پیروی خود یا بذریعہ وکیل کرے بصورت دیگر کارروائی یکطرفہ عمل میں لائی جائے گی۔ آج بتاریخ میرے دستخط اور مہر عدالت سے جاری ہوا۔ میری بیٹی اور بیٹے میرے کہنے سننے میں نہیں ہیں لہذا میں ان کو اپنی جائیداد منقولہ و غیر منقولہ سے عاق کرتا ہوں آئندہ ان کے کسی بھی قول و فعل کا میں ذمہ دار نہیں ہوں گا۔

اشتہار نمبر 44

مسمی مذکور کو بذریعہ اشتہار ہذا اطلاع دی جاتی ہے کہ وہ مورخہ مقررہ کو بوقت 8 بجے صبح عدالت ہذا میں بطور فریق حاضر ہو کر اپنی پیروی خود یا بذریعہ وکیل کرے بصورت دیگر کارروائی یکطرفہ عمل میں لائی جائے گی۔ آج بتاریخ میرے دستخط اور مہر عدالت سے جاری ہوا۔ میری بیٹی اور بیٹے میرے کہنے سننے میں نہیں ہیں لہذا میں ان کو اپنی جائیداد منقولہ و غیر منقولہ سے عاق کرتا ہوں آئندہ ان کے کسی بھی قول و فعل کا میں ذمہ دار نہیں ہوں گا۔

مسمی مذکور کو بذریعہ اشتہار ہذا اطلاع دی جاتی ہے کہ وہ مورخہ مقررہ کو بوقت 8 بجے صبح عدالت ہذا میں بطور فریق حاضر ہو کر اپنی پیروی خود یا بذریعہ وکیل کرے بصورت دیگر کارروائی یکطرفہ عمل میں لائی جائے گی۔ آج بتاریخ میرے دستخط اور مہر عدالت سے جاری ہوا۔ میری بیٹی اور بیٹے میرے کہنے سننے میں نہیں ہیں لہذا میں ان کو اپنی جائیداد منقولہ و غیر منقولہ سے عاق کرتا ہوں آئندہ ان کے کسی بھی قول و فعل کا میں ذمہ دار نہیں ہوں گا۔

مسمی مذکور کو بذریعہ اشتہار ہذا اطلاع دی جاتی ہے کہ وہ مورخہ مقررہ کو بوقت 8 بجے صبح عدالت ہذا میں بطور فریق حاضر ہو کر اپنی پیروی خود یا بذریعہ وکیل کرے بصورت دیگر کارروائی یکطرفہ عمل میں لائی جائے گی۔ آج بتاریخ میرے دستخط اور مہر عدالت سے جاری ہوا۔ میری بیٹی اور بیٹے میرے کہنے سننے میں نہیں ہیں لہذا میں ان کو اپنی جائیداد منقولہ و غیر منقولہ سے عاق کرتا ہوں آئندہ ان کے کسی بھی قول و فعل کا میں ذمہ دار نہیں ہوں گا۔

مسمی مذکور کو بذریعہ اشتہار ہذا اطلاع دی جاتی ہے کہ وہ مورخہ مقررہ کو بوقت 8 بجے صبح عدالت ہذا میں بطور فریق حاضر ہو کر اپنی پیروی خود یا بذریعہ وکیل کرے بصورت دیگر کارروائی یکطرفہ عمل میں لائی جائے گی۔ آج بتاریخ میرے دستخط اور مہر عدالت سے جاری ہوا۔ میری بیٹی اور بیٹے میرے کہنے سننے میں نہیں ہیں لہذا میں ان کو اپنی جائیداد منقولہ و غیر منقولہ سے عاق کرتا ہوں آئندہ ان کے کسی بھی قول و فعل کا میں ذمہ دار نہیں ہوں گا۔

مسمی مذکور کو بذریعہ اشتہار ہذا اطلاع دی جاتی ہے کہ وہ مورخہ مقررہ کو بوقت 8 بجے صبح عدالت ہذا میں بطور فریق حاضر ہو کر اپنی پیروی خود یا بذریعہ وکیل کرے بصورت دیگر کارروائی یکطرفہ عمل میں لائی جائے گی۔ آج بتاریخ میرے دستخط اور مہر عدالت سے جاری ہوا۔ میری بیٹی اور بیٹے میرے کہنے سننے میں نہیں ہیں لہذا میں ان کو اپنی جائیداد منقولہ و غیر منقولہ سے عاق کرتا ہوں آئندہ ان کے کسی بھی قول و فعل کا میں ذمہ دار نہیں ہوں گا۔

مسمی مذکور کو بذریعہ اشتہار ہذا اطلاع دی جاتی ہے کہ وہ مورخہ مقررہ کو بوقت 8 بجے صبح عدالت ہذا میں بطور فریق حاضر ہو کر اپنی پیروی خود یا بذریعہ وکیل کرے بصورت دیگر کارروائی یکطرفہ عمل میں لائی جائے گی۔ آج بتاریخ میرے دستخط اور مہر عدالت سے جاری ہوا۔ میری بیٹی اور بیٹے میرے کہنے سننے میں نہیں ہیں لہذا میں ان کو اپنی جائیداد منقولہ و غیر منقولہ سے عاق کرتا ہوں آئندہ ان کے کسی بھی قول و فعل کا میں ذمہ دار نہیں ہوں گا۔

مسمی مذکور کو بذریعہ اشتہار ہذا اطلاع دی جاتی ہے کہ وہ مورخہ مقررہ کو بوقت 8 بجے صبح عدالت ہذا میں بطور فریق حاضر ہو کر اپنی پیروی خود یا بذریعہ وکیل کرے بصورت دیگر کارروائی یکطرفہ عمل میں لائی جائے گی۔ آج بتاریخ میرے دستخط اور مہر عدالت سے جاری ہوا۔ میری بیٹی اور بیٹے میرے کہنے سننے میں نہیں ہیں لہذا میں ان کو اپنی جائیداد منقولہ و غیر منقولہ سے عاق کرتا ہوں آئندہ ان کے کسی بھی قول و فعل کا میں ذمہ دار نہیں ہوں گا۔

مسمی مذکور کو بذریعہ اشتہار ہذا اطلاع دی جاتی ہے کہ وہ مورخہ مقررہ کو بوقت 8 بجے صبح عدالت ہذا میں بطور فریق حاضر ہو کر اپنی پیروی خود یا بذریعہ وکیل کرے بصورت دیگر کارروائی یکطرفہ عمل میں لائی جائے گی۔ آج بتاریخ میرے دستخط اور مہر عدالت سے جاری ہوا۔ میری بیٹی اور بیٹے میرے کہنے سننے میں نہیں ہیں لہذا میں ان کو اپنی جائیداد منقولہ و غیر منقولہ سے عاق کرتا ہوں آئندہ ان کے کسی بھی قول و فعل کا میں ذمہ دار نہیں ہوں گا۔

مسمی مذکور کو بذریعہ اشتہار ہذا اطلاع دی جاتی ہے کہ وہ مورخہ مقررہ کو بوقت 8 بجے صبح عدالت ہذا میں بطور فریق حاضر ہو کر اپنی پیروی خود یا بذریعہ وکیل کرے بصورت دیگر کارروائی یکطرفہ عمل میں لائی جائے گی۔ آج بتاریخ میرے دستخط اور مہر عدالت سے جاری ہوا۔ میری بیٹی اور بیٹے میرے کہنے سننے میں نہیں ہیں لہذا میں ان کو اپنی جائیداد منقولہ و غیر منقولہ سے عاق کرتا ہوں آئندہ ان کے کسی بھی قول و فعل کا میں ذمہ دار نہیں ہوں گا۔

مسمی مذکور کو بذریعہ اشتہار ہذا اطلاع دی جاتی ہے کہ وہ مورخہ مقررہ کو بوقت 8 بجے صبح عدالت ہذا میں بطور فریق حاضر ہو کر اپنی پیروی خود یا بذریعہ وکیل کرے بصورت دیگر کارروائی یکطرفہ عمل میں لائی جائے گی۔ آج بتاریخ میرے دستخط اور مہر عدالت سے جاری ہوا۔ میری بیٹی اور بیٹے میرے کہنے سننے میں نہیں ہیں لہذا میں ان کو اپنی جائیداد منقولہ و غیر منقولہ سے عاق کرتا ہوں آئندہ ان کے کسی بھی قول و فعل کا میں ذمہ دار نہیں ہوں گا۔

مسمی مذکور کو بذریعہ اشتہار ہذا اطلاع دی جاتی ہے کہ وہ مورخہ مقررہ کو بوقت 8 بجے صبح عدالت ہذا میں بطور فریق حاضر ہو کر اپنی پیروی خود یا بذریعہ وکیل کرے بصورت دیگر کارروائی یکطرفہ عمل میں لائی جائے گی۔ آج بتاریخ میرے دستخط اور مہر عدالت سے جاری ہوا۔ میری بیٹی اور بیٹے میرے کہنے سننے میں نہیں ہیں لہذا میں ان کو اپنی جائیداد منقولہ و غیر منقولہ سے عاق کرتا ہوں آئندہ ان کے کسی بھی قول و فعل کا میں ذمہ دار نہیں ہوں گا۔

مسمی مذکور کو بذریعہ اشتہار ہذا اطلاع دی جاتی ہے کہ وہ مورخہ مقررہ کو بوقت 8 بجے صبح عدالت ہذا میں بطور فریق حاضر ہو کر اپنی پیروی خود یا بذریعہ وکیل کرے بصورت دیگر کارروائی یکطرفہ عمل میں لائی جائے گی۔ آج بتاریخ میرے دستخط اور مہر عدالت سے جاری ہوا۔ میری بیٹی اور بیٹے میرے کہنے سننے میں نہیں ہیں لہذا میں ان کو اپنی جائیداد منقولہ و غیر منقولہ سے عاق کرتا ہوں آئندہ ان کے کسی بھی قول و فعل کا میں ذمہ دار نہیں ہوں گا۔

مسمی مذکور کو بذریعہ اشتہار ہذا اطلاع دی جاتی ہے کہ وہ مورخہ مقررہ کو بوقت 8 بجے صبح عدالت ہذا میں بطور فریق حاضر ہو کر اپنی پیروی خود یا بذریعہ وکیل کرے بصورت دیگر کارروائی یکطرفہ عمل میں لائی جائے گی۔ آج بتاریخ میرے دستخط اور مہر عدالت سے جاری ہوا۔ میری بیٹی اور بیٹے میرے کہنے سننے میں نہیں ہیں لہذا میں ان کو اپنی جائیداد منقولہ و غیر منقولہ سے عاق کرتا ہوں آئندہ ان کے کسی بھی قول و فعل کا میں ذمہ دار نہیں ہوں گا۔

مسمی مذکور کو بذریعہ اشتہار ہذا اطلاع دی جاتی ہے کہ وہ مورخہ مقررہ کو بوقت 8 بجے صبح عدالت ہذا میں بطور فریق حاضر ہو کر اپنی پیروی خود یا بذریعہ وکیل کرے بصورت دیگر کارروائی یکطرفہ عمل میں لائی جائے گی۔ آج بتاریخ میرے دستخط اور مہر عدالت سے جاری ہوا۔ میری بیٹی اور بیٹے میرے کہنے سننے میں نہیں ہیں لہذا میں ان کو اپنی جائیداد منقولہ و غیر منقولہ سے عاق کرتا ہوں آئندہ ان کے کسی بھی قول و فعل کا میں ذمہ دار نہیں ہوں گا۔

مسمی مذکور کو بذریعہ اشتہار ہذا اطلاع دی جاتی ہے کہ وہ مورخہ مقررہ کو بوقت 8 بجے صبح عدالت ہذا میں بطور فریق حاضر ہو کر اپنی پیروی خود یا بذریعہ وکیل کرے بصورت دیگر کارروائی یکطرفہ عمل میں لائی جائے گی۔ آج بتاریخ میرے دستخط اور مہر عدالت سے جاری ہوا۔ میری بیٹی اور بیٹے میرے کہنے سننے میں نہیں ہیں لہذا میں ان کو اپنی جائیداد منقولہ و غیر منقولہ سے عاق کرتا ہوں آئندہ ان کے کسی بھی قول و فعل کا میں ذمہ دار نہیں ہوں گا۔

مسمی مذکور کو بذریعہ اشتہار ہذا اطلاع دی جاتی ہے کہ وہ مورخہ مقررہ کو بوقت 8 بجے صبح عدالت ہذا میں بطور فریق حاضر ہو کر اپنی پیروی خود یا بذریعہ وکیل کرے بصورت دیگر کارروائی یکطرفہ عمل میں لائی جائے گی۔ آج بتاریخ میرے دستخط اور مہر عدالت سے جاری ہوا۔ میری بیٹی اور بیٹے میرے کہنے سننے میں نہیں ہیں لہذا میں ان کو اپنی جائیداد منقولہ و غیر منقولہ سے عاق کرتا ہوں آئندہ ان کے کسی بھی قول و فعل کا میں ذمہ دار نہیں ہوں گا۔

مسمی مذکور کو بذریعہ اشتہار ہذا اطلاع دی جاتی ہے کہ وہ مورخہ مقررہ کو بوقت 8 بجے صبح عدالت ہذا میں بطور فریق حاضر ہو کر اپنی پیروی خود یا بذریعہ وکیل کرے بصورت دیگر کارروائی یکطرفہ عمل میں لائی جائے گی۔ آج بتاریخ میرے دستخط اور مہر عدالت سے جاری ہوا۔ میری بیٹی اور بیٹے میرے کہنے سننے میں نہیں ہیں لہذا میں ان کو اپنی جائیداد منقولہ و غیر منقولہ سے عاق کرتا ہوں آئندہ ان کے کسی بھی قول و فعل کا میں ذمہ دار نہیں ہوں گا۔

مسمی مذکور کو بذریعہ اشتہار ہذا اطلاع دی جاتی ہے کہ وہ مورخہ مقررہ کو بوقت 8 بجے صبح عدالت ہذا میں بطور فریق حاضر ہو کر اپنی پیروی خود یا بذریعہ وکیل کرے بصورت دیگر کارروائی یکطرفہ عمل میں لائی جائے گی۔ آج بتاریخ میرے دستخط اور مہر عدالت سے جاری ہوا۔ میری بیٹی اور بیٹے میرے کہنے سننے میں نہیں ہیں لہذا میں ان کو اپنی جائیداد منقولہ و غیر منقولہ سے عاق کرتا ہوں آئندہ ان کے کسی بھی قول و فعل کا میں ذمہ دار نہیں ہوں گا۔

مسمی مذکور کو بذریعہ اشتہار ہذا اطلاع دی جاتی ہے کہ وہ مورخہ مقررہ کو بوقت 8 بجے صبح عدالت ہذا میں بطور فریق حاضر ہو کر اپنی پیروی خود یا بذریعہ وکیل کرے بصورت دیگر کارروائی یکطرفہ عمل میں لائی جائے گی۔ آج بتاریخ میرے دستخط اور مہر عدالت سے جاری ہوا۔ میری بیٹی اور بیٹے میرے کہنے سننے میں نہیں ہیں لہذا میں ان کو اپنی جائیداد منقولہ و غیر منقولہ سے عاق کرتا ہوں آئندہ ان کے کسی بھی قول و فعل کا میں ذمہ دار نہیں ہوں گا۔

اشتہار نمبر 45

مسمی مذکور کو بذریعہ اشتہار ہذا اطلاع دی جاتی ہے کہ وہ مورخہ مقررہ کو بوقت 8 بجے صبح عدالت ہذا میں بطور فریق حاضر ہو کر اپنی پیروی خود یا بذریعہ وکیل کرے بصورت دیگر کارروائی یکطرفہ عمل میں لائی جائے گی۔ آج بتاریخ میرے دستخط اور مہر عدالت سے جاری ہوا۔ میری بیٹی اور بیٹے میرے کہنے سننے میں نہیں ہیں لہذا میں ان کو اپنی جائیداد منقولہ و غیر منقولہ سے عاق کرتا ہوں آئندہ ان کے کسی بھی قول و فعل کا میں ذمہ دار نہیں ہوں گا۔

مسمی مذکور کو بذریعہ اشتہار ہذا اطلاع دی جاتی ہے کہ وہ مورخہ مقررہ کو بوقت 8 بجے صبح عدالت ہذا میں بطور فریق حاضر ہو کر اپنی پیروی خود یا بذریعہ وکیل کرے بصورت دیگر کارروائی یکطرفہ عمل میں لائی جائے گی۔ آج بتاریخ میرے دستخط اور مہر عدالت سے جاری ہوا۔ میری بیٹی اور بیٹے میرے کہنے سننے میں نہیں ہیں لہذا میں ان کو اپنی جائیداد منقولہ و غیر منقولہ سے عاق کرتا ہوں آئندہ ان کے کسی بھی قول و فعل کا میں ذمہ دار نہیں ہوں گا۔

اشتہار نمبر 46

مسمی مذکور کو بذریعہ اشتہار ہذا اطلاع دی جاتی ہے کہ وہ مورخہ مقررہ کو بوقت 8 بجے صبح عدالت ہذا میں بطور فریق حاضر ہو کر اپنی پیروی خود یا بذریعہ وکیل کرے بصورت دیگر کارروائی یکطرفہ عمل میں لائی جائے گی۔ آج بتاریخ میرے دستخط اور مہر عدالت سے جاری ہوا۔ میری بیٹی اور بیٹے میرے کہنے سننے میں نہیں ہیں لہذا میں ان کو اپنی جائیداد منقولہ و غیر منقولہ سے عاق کرتا ہوں آئندہ ان کے کسی بھی قول و فعل کا میں ذمہ دار نہیں ہوں گا۔

اشتہار نمبر 47

مسمی مذکور کو بذریعہ اشتہار ہذا اطلاع دی جاتی ہے کہ وہ مورخہ مقررہ کو بوقت 8 بجے صبح عدالت ہذا میں بطور فریق حاضر ہو کر اپنی پیروی خود یا بذریعہ وکیل کرے بصورت دیگر کارروائی یکطرفہ عمل میں لائی جائے گی۔ آج بتاریخ میرے دستخط اور مہر عدالت سے جاری ہوا۔ میری بیٹی اور بیٹے میرے کہنے سننے میں نہیں ہیں لہذا میں ان کو اپنی جائیداد منقولہ و غیر منقولہ سے عاق کرتا ہوں آئندہ ان کے کسی بھی قول و فعل کا میں ذمہ دار نہیں ہوں گا۔

اشتہار نمبر 48

مسمی مذکور کو بذریعہ اشتہار ہذا اطلاع دی جاتی ہے کہ وہ مورخہ مقررہ کو بوقت 8 بجے صبح عدالت ہذا میں بطور فریق حاضر ہو کر اپنی پیروی خود یا بذریعہ وکیل کرے بصورت دیگر کارروائی یکطرفہ عمل میں لائی جائے گی۔ آج بتاریخ میرے دستخط اور مہر عدالت سے جاری ہوا۔ میری بیٹی اور بیٹے میرے کہنے سننے میں نہیں ہیں لہذا میں ان کو اپنی جائیداد منقولہ و غیر منقولہ سے عاق کرتا ہوں آئندہ ان کے کسی بھی قول و فعل کا میں ذمہ دار نہیں ہوں گا۔

اشتہار نمبر 49

مسمی مذکور کو بذریعہ اشتہار ہذا اطلاع دی جاتی ہے کہ وہ مورخہ مقررہ کو بوقت 8 بجے صبح عدالت ہذا میں بطور فریق حاضر ہو کر اپنی پیروی خود یا بذریعہ وکیل کرے بصورت دیگر کارروائی یکطرفہ عمل میں لائی جائے گی۔ آج بتاریخ میرے دستخط اور مہر عدالت سے جاری ہوا۔ میری بیٹی اور بیٹے میرے کہنے سننے میں نہیں ہیں لہذا میں ان کو اپنی جائیداد منقولہ و غیر منقولہ سے عاق کرتا ہوں آئندہ ان کے کسی بھی قول و فعل کا میں ذمہ دار نہیں ہوں گا۔

اشتہار نمبر 50

مسمی مذکور کو بذریعہ اشتہار ہذا اطلاع دی جاتی ہے کہ وہ مورخہ مقررہ کو بوقت 8 بجے صبح عدالت ہذا میں بطور فریق حاضر ہو کر اپنی پیروی خود یا بذریعہ وکیل کرے بصورت دیگر کارروائی یکطرفہ عمل میں لائی جائے گی۔ آج بتاریخ میرے دستخط اور مہر عدالت سے جاری ہوا۔ میری بیٹی اور بیٹے میرے کہنے سننے میں نہیں ہیں لہذا میں ان کو اپنی جائیداد منقولہ و غیر منقولہ سے عاق کرتا ہوں آئندہ ان کے کسی بھی قول و فعل کا میں ذمہ دار نہیں ہوں گا۔

اشتہار نمبر 51
اشتہار نمبر 52

مسمی مذکور کو بذریعہ اشتہار ہذا اطلاع دی جاتی ہے کہ وہ مورخہ مقررہ کو بوقت 8 بجے صبح عدالت ہذا میں بطور فریق حاضر ہو کر اپنی پیروی خود یا بذریعہ وکیل کرے بصورت دیگر کارروائی یکطرفہ عمل میں لائی جائے گی۔ آج بتاریخ میرے دستخط اور مہر عدالت سے جاری ہوا۔ میری بیٹی اور بیٹے میرے کہنے سننے میں نہیں ہیں لہذا میں ان کو اپنی جائیداد منقولہ و غیر منقولہ سے عاق کرتا ہوں آئندہ ان کے کسی بھی قول و فعل کا میں ذمہ دار نہیں ہوں گا۔

اشتہار نمبر 53
اشتہار نمبر 54
اشتہار نمبر 55

مسمی مذکور کو بذریعہ اشتہار ہذا اطلاع دی جاتی ہے کہ وہ مورخہ مقررہ کو بوقت 8 بجے صبح عدالت ہذا میں بطور فریق حاضر ہو کر اپنی پیروی خود یا بذریعہ وکیل کرے بصورت دیگر کارروائی یکطرفہ عمل میں لائی جائے گی۔ آج بتاریخ میرے دستخط اور مہر عدالت سے جاری ہوا۔ میری بیٹی اور بیٹے میرے کہنے سننے میں نہیں ہیں لہذا میں ان کو اپنی جائیداد منقولہ و غیر منقولہ سے عاق کرتا ہوں آئندہ ان کے کسی بھی قول و فعل کا میں ذمہ دار نہیں ہوں گا۔

اشتہار نمبر 56

مسمی مذکور کو بذریعہ اشتہار ہذا اطلاع دی جاتی ہے کہ وہ مورخہ مقررہ کو بوقت 8 بجے صبح عدالت ہذا میں بطور فریق حاضر ہو کر اپنی پیروی خود یا بذریعہ وکیل کرے بصورت دیگر کارروائی یکطرفہ عمل میں لائی جائے گی۔ آج بتاریخ میرے دستخط اور مہر عدالت سے جاری ہوا۔ میری بیٹی اور بیٹے میرے کہنے سننے میں نہیں ہیں لہذا میں ان کو اپنی جائیداد منقولہ و غیر منقولہ سے عاق کرتا ہوں آئندہ ان کے کسی بھی قول و فعل کا میں ذمہ دار نہیں ہوں گا۔

اشتہار نمبر 57

مسمی مذکور کو بذریعہ اشتہار ہذا اطلاع دی جاتی ہے کہ وہ مورخہ مقررہ کو بوقت 8 بجے صبح عدالت ہذا میں بطور فریق حاضر ہو کر اپنی پیروی خود یا بذریعہ وکیل کرے بصورت دیگر کارروائی یکطرفہ عمل میں لائی جائے گی۔ آج بتاریخ میرے دستخط اور مہر عدالت سے جاری ہوا۔ میری بیٹی اور بیٹے میرے کہنے سننے میں نہیں ہیں لہذا میں ان کو اپنی جائیداد منقولہ و غیر منقولہ سے عاق کرتا ہوں آئندہ ان کے کسی بھی قول و فعل کا میں ذمہ دار نہیں ہوں گا۔

اشتہار نمبر 58

مسمی مذکور کو بذریعہ اشتہار ہذا اطلاع دی جاتی ہے کہ وہ مورخہ مقررہ کو بوقت 8 بجے صبح عدالت ہذا میں بطور فریق حاضر ہو کر اپنی پیروی خود یا بذریعہ وکیل کرے بصورت دیگر کارروائی یکطرفہ عمل میں لائی جائے گی۔ آج بتاریخ میرے دستخط اور مہر عدالت سے جاری ہوا۔ میری بیٹی اور بیٹے میرے کہنے سننے میں نہیں ہیں لہذا میں ان کو اپنی جائیداد منقولہ و غیر منقولہ سے عاق کرتا ہوں آئندہ ان کے کسی بھی قول و فعل کا میں ذمہ دار نہیں ہوں گا۔

اطلاع عام

مسمی مذکور کو بذریعہ اشتہار ہذا اطلاع دی جاتی ہے کہ وہ مورخہ مقررہ کو بوقت 8 بجے صبح عدالت ہذا میں بطور فریق حاضر ہو کر اپنی پیروی خود یا بذریعہ وکیل کرے بصورت دیگر کارروائی یکطرفہ عمل میں لائی جائے گی۔ آج بتاریخ میرے دستخط اور مہر عدالت سے جاری ہوا۔ میری بیٹی اور بیٹے میرے کہنے سننے میں نہیں ہیں لہذا میں ان کو اپنی جائیداد منقولہ و غیر منقولہ سے عاق کرتا ہوں آئندہ ان کے کسی بھی قول و فعل کا میں ذمہ دار نہیں ہوں گا۔

اطلاع عام

مسمی مذکور کو بذریعہ اشتہار ہذا اطلاع دی جاتی ہے کہ وہ مورخہ مقررہ کو بوقت 8 بجے صبح عدالت ہذا میں بطور فریق حاضر ہو کر اپنی پیروی خود یا بذریعہ وکیل کرے بصورت دیگر کارروائی یکطرفہ عمل میں لائی جائے گی۔ آج بتاریخ میرے دستخط اور مہر عدالت سے جاری ہوا۔ میری بیٹی اور بیٹے میرے کہنے سننے میں نہیں ہیں لہذا میں ان کو اپنی جائیداد منقولہ و غیر منقولہ سے عاق کرتا ہوں آئندہ ان کے کسی بھی قول و فعل کا میں ذمہ دار نہیں ہوں گا۔

درستگی نام

مسمی مذکور کو بذریعہ اشتہار ہذا اطلاع دی جاتی ہے کہ وہ مورخہ مقررہ کو بوقت 8 بجے صبح عدالت ہذا میں بطور فریق حاضر ہو کر اپنی پیروی خود یا بذریعہ وکیل کرے بصورت دیگر کارروائی یکطرفہ عمل میں لائی جائے گی۔ آج بتاریخ میرے دستخط اور مہر عدالت سے جاری ہوا۔ میری بیٹی اور بیٹے میرے کہنے سننے میں نہیں ہیں لہذا میں ان کو اپنی جائیداد منقولہ و غیر منقولہ سے عاق کرتا ہوں آئندہ ان کے کسی بھی قول و فعل کا میں ذمہ دار نہیں ہوں گا۔

اطلاع عام

مسمی مذکور کو بذریعہ اشتہار ہذا اطلاع دی جاتی ہے کہ وہ مورخہ مقررہ کو بوقت 8 بجے صبح عدالت ہذا میں بطور فریق حاضر ہو کر اپنی پیروی خود یا بذریعہ وکیل کرے بصورت دیگر کارروائی یکطرفہ عمل میں لائی جائے گی۔ آج بتاریخ میرے دستخط اور مہر عدالت سے جاری ہوا۔ میری بیٹی اور بیٹے میرے کہنے سننے میں نہیں ہیں لہذا میں ان کو اپنی جائیداد منقولہ و غیر منقولہ سے عاق کرتا ہوں آئندہ ان کے کسی بھی قول و فعل کا میں ذمہ دار نہیں ہوں گا۔

درستگی نام

مسمی مذکور کو بذریعہ اشتہار ہذا اطلاع دی جاتی ہے کہ وہ مورخہ مقررہ کو بوقت 8 بجے صبح عدالت ہذا میں بطور فریق حاضر ہو کر اپنی پیروی خود یا بذریعہ وکیل کرے بصورت دیگر کارروائی یکطرفہ عمل میں لائی جائے گی۔ آج بتاریخ میرے دستخط اور مہر عدالت سے جاری ہوا۔ میری بیٹی اور بیٹے میرے کہنے سننے میں نہیں ہیں لہذا میں ان کو اپنی جائیداد منقولہ و غیر منقولہ سے عاق کرتا ہوں آئندہ ان کے کسی بھی قول و فعل کا میں ذمہ دار نہیں ہوں گا۔

اعلان لاتعلقی

مسمی مذکور کو بذریعہ اشتہار ہذا اطلاع دی جاتی ہے کہ وہ مورخہ مقررہ کو بوقت 8 بجے صبح عدالت ہذا میں بطور فریق حاضر ہو کر اپنی پیروی خود یا بذریعہ وکیل کرے بصورت دیگر کارروائی یکطرفہ عمل میں لائی جائے گی۔ آج بتاریخ میرے دستخط اور مہر عدالت سے جاری ہوا۔ میری بیٹی اور بیٹے میرے کہنے سننے میں نہیں ہیں لہذا میں ان کو اپنی جائیداد منقولہ و غیر منقولہ سے عاق کرتا ہوں آئندہ ان کے کسی بھی قول و فعل کا میں ذمہ دار نہیں ہوں گا۔

اطلاع عام

مسمی مذکور کو بذریعہ اشتہار ہذا اطلاع دی جاتی ہے کہ وہ مورخہ مقررہ کو بوقت 8 بجے صبح عدالت ہذا میں بطور فریق حاضر ہو کر اپنی پیروی خود یا بذریعہ وکیل کرے بصورت دیگر کارروائی یکطرفہ عمل میں لائی جائے گی۔ آج بتاریخ میرے دستخط اور مہر عدالت سے جاری ہوا۔ میری بیٹی اور بیٹے میرے کہنے سننے میں نہیں ہیں لہذا میں ان کو اپنی جائیداد منقولہ و غیر منقولہ سے عاق کرتا ہوں آئندہ ان کے کسی بھی قول و فعل کا میں ذمہ دار نہیں ہوں گا۔

اطلاع عام

مسمی مذکور کو بذریعہ اشتہار ہذا اطلاع دی جاتی ہے کہ وہ مورخہ مقررہ کو بوقت 8 بجے صبح عدالت ہذا میں بطور فریق حاضر ہو کر اپنی پیروی خود یا بذریعہ وکیل کرے بصورت دیگر کارروائی یکطرفہ عمل میں لائی جائے گی۔ آج بتاریخ میرے دستخط اور مہر عدالت سے جاری ہوا۔ میری بیٹی اور بیٹے میرے کہنے سننے میں نہیں ہیں لہذا میں ان کو اپنی جائیداد منقولہ و غیر منقولہ سے عاق کرتا ہوں آئندہ ان کے کسی بھی قول و فعل کا میں ذمہ دار نہیں ہوں گا۔

اشتہار نمبر 59

مسمی مذکور کو بذریعہ اشتہار ہذا اطلاع دی جاتی ہے کہ وہ مورخہ مقررہ کو بوقت 8 بجے صبح عدالت ہذا میں بطور فریق حاضر ہو کر اپنی پیروی خود یا بذریعہ وکیل کرے بصورت دیگر کارروائی یکطرفہ عمل میں لائی جائے گی۔ آج بتاریخ میرے دستخط اور مہر عدالت سے جاری ہوا۔ میری بیٹی اور بیٹے میرے کہنے سننے میں نہیں ہیں لہذا میں ان کو اپنی جائیداد منقولہ و غیر منقولہ سے عاق کرتا ہوں آئندہ ان کے کسی بھی قول و فعل کا میں ذمہ دار نہیں ہوں گا۔

اشتہار نمبر 60

مسمی مذکور کو بذریعہ اشتہار ہذا اطلاع دی جاتی ہے کہ وہ مورخہ مقررہ کو بوقت 8 بجے صبح عدالت ہذا میں بطور فریق حاضر ہو کر اپنی پیروی خود یا بذریعہ وکیل کرے بصورت دیگر کارروائی یکطرفہ عمل میں لائی جائے گی۔ آج بتاریخ میرے دستخط اور مہر عدالت سے جاری ہوا۔ میری بیٹی اور بیٹے میرے کہنے سننے میں نہیں ہیں لہذا میں ان کو اپنی جائیداد منقولہ و غیر منقولہ سے عاق کرتا ہوں آئندہ ان کے کسی بھی قول و فعل کا میں ذمہ دار نہیں ہوں گا۔

اشتہار نمبر 61

مسمی مذکور کو بذریعہ اشتہار ہذا اطلاع دی جاتی ہے کہ وہ مورخہ مقررہ کو بوقت 8 بجے صبح عدالت ہذا میں بطور فریق حاضر ہو کر اپنی پیروی خود یا بذریعہ وکیل کرے بصورت دیگر کارروائی یکطرفہ عمل میں لائی جائے گی۔ آج بتاریخ میرے دستخط اور مہر عدالت سے جاری ہوا۔ میری بیٹی اور بیٹے میرے کہنے سننے میں نہیں ہیں لہذا میں ان کو اپنی جائیداد منقولہ و غیر منقولہ سے عاق کرتا ہوں آئندہ ان کے کسی بھی قول و فعل کا میں ذمہ دار نہیں ہوں گا۔

اشتہار نمبر 62

مسمی مذکور کو بذریعہ اشتہار ہذا اطلاع دی جاتی ہے کہ وہ مورخہ مقررہ کو بوقت 8 بجے صبح عدالت ہذا میں بطور فریق حاضر ہو کر اپنی پیروی خود یا بذریعہ وکیل کرے بصورت دیگر کارروائی یکطرفہ عمل میں لائی جائے گی۔ آج بتاریخ میرے دستخط اور مہر عدالت سے جاری ہوا۔ میری بیٹی اور بیٹے میرے کہنے سننے میں نہیں ہیں لہذا میں ان کو اپنی جائیداد منقولہ و غیر منقولہ سے عاق کرتا ہوں آئندہ ان کے کسی بھی قول و فعل کا میں ذمہ دار نہیں ہوں گا۔
